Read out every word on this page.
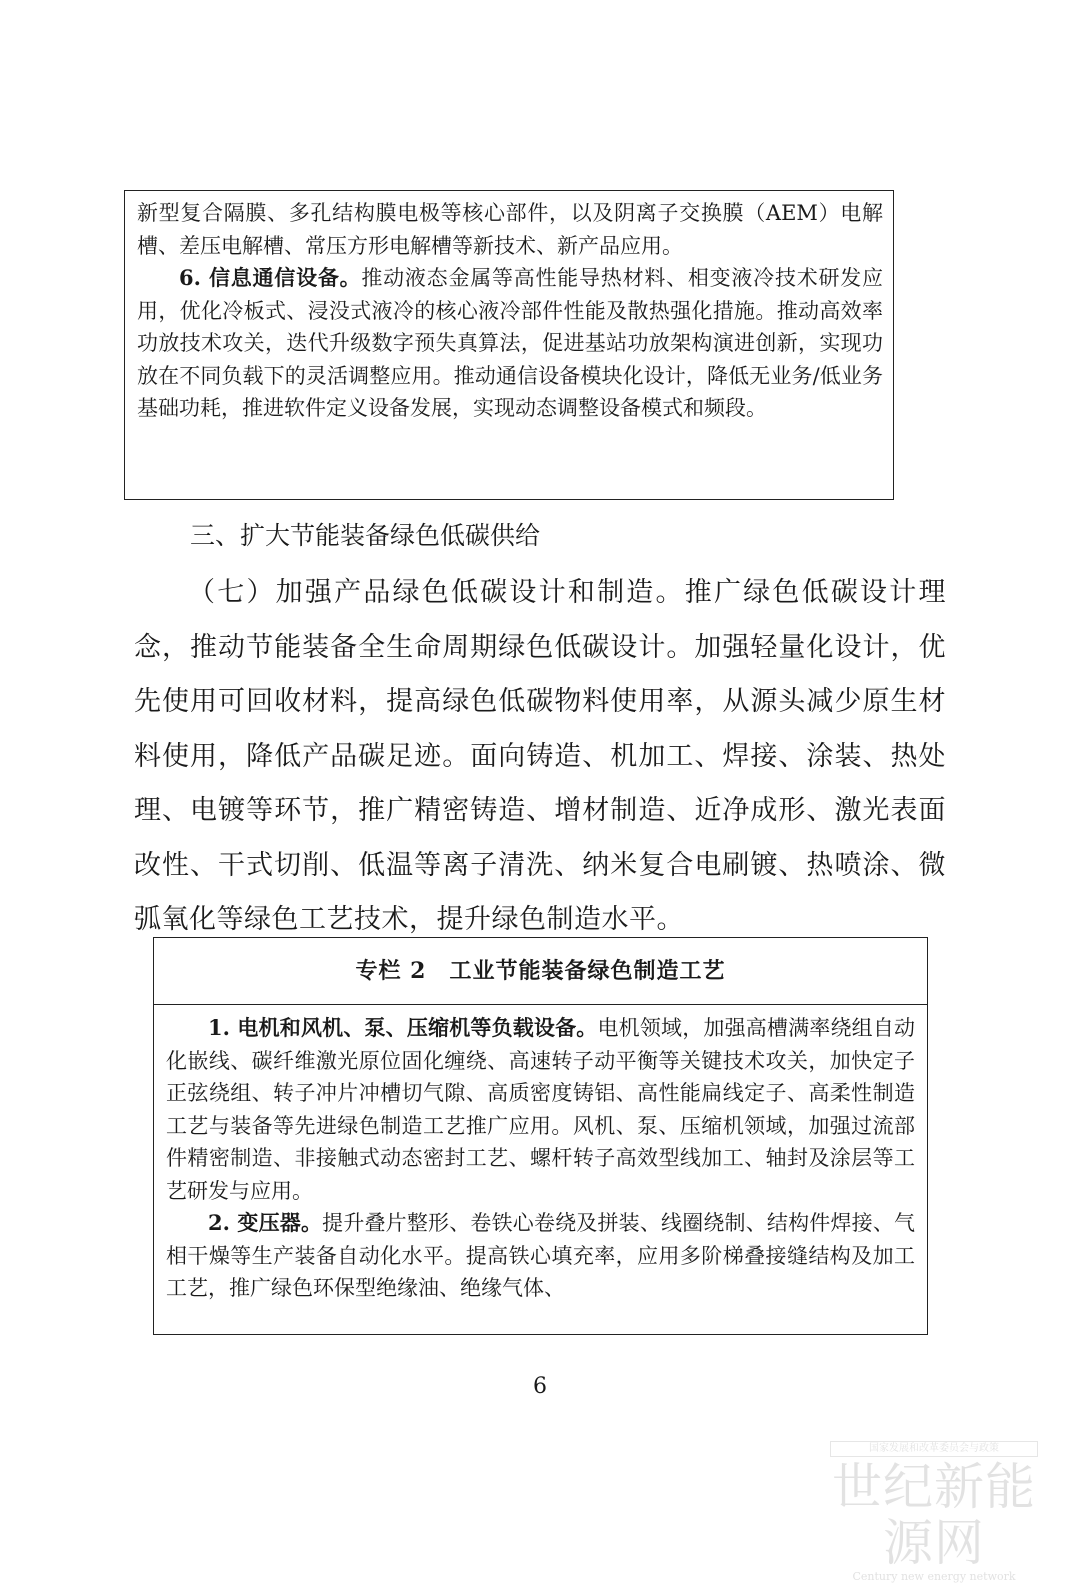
新型复合隔膜、多孔结构膜电极等核心部件，以及阴离子交换膜（AEM）电解槽、差压电解槽、常压方形电解槽等新技术、新产品应用。

6. 信息通信设备。推动液态金属等高性能导热材料、相变液冷技术研发应用，优化冷板式、浸没式液冷的核心液冷部件性能及散热强化措施。推动高效率功放技术攻关，迭代升级数字预失真算法，促进基站功放架构演进创新，实现功放在不同负载下的灵活调整应用。推动通信设备模块化设计，降低无业务/低业务基础功耗，推进软件定义设备发展，实现动态调整设备模式和频段。

三、扩大节能装备绿色低碳供给

（七）加强产品绿色低碳设计和制造。推广绿色低碳设计理念，推动节能装备全生命周期绿色低碳设计。加强轻量化设计，优先使用可回收材料，提高绿色低碳物料使用率，从源头减少原生材料使用，降低产品碳足迹。面向铸造、机加工、焊接、涂装、热处理、电镀等环节，推广精密铸造、增材制造、近净成形、激光表面改性、干式切削、低温等离子清洗、纳米复合电刷镀、热喷涂、微弧氧化等绿色工艺技术，提升绿色制造水平。

专栏 2　工业节能装备绿色制造工艺

1. 电机和风机、泵、压缩机等负载设备。电机领域，加强高槽满率绕组自动化嵌线、碳纤维激光原位固化缠绕、高速转子动平衡等关键技术攻关，加快定子正弦绕组、转子冲片冲槽切气隙、高质密度铸铝、高性能扁线定子、高柔性制造工艺与装备等先进绿色制造工艺推广应用。风机、泵、压缩机领域，加强过流部件精密制造、非接触式动态密封工艺、螺杆转子高效型线加工、轴封及涂层等工艺研发与应用。

2. 变压器。提升叠片整形、卷铁心卷绕及拼装、线圈绕制、结构件焊接、气相干燥等生产装备自动化水平。提高铁心填充率，应用多阶梯叠接缝结构及加工工艺，推广绿色环保型绝缘油、绝缘气体、

6
国家发展和改革委员会与政策
世纪新能源网
Century new energy network
